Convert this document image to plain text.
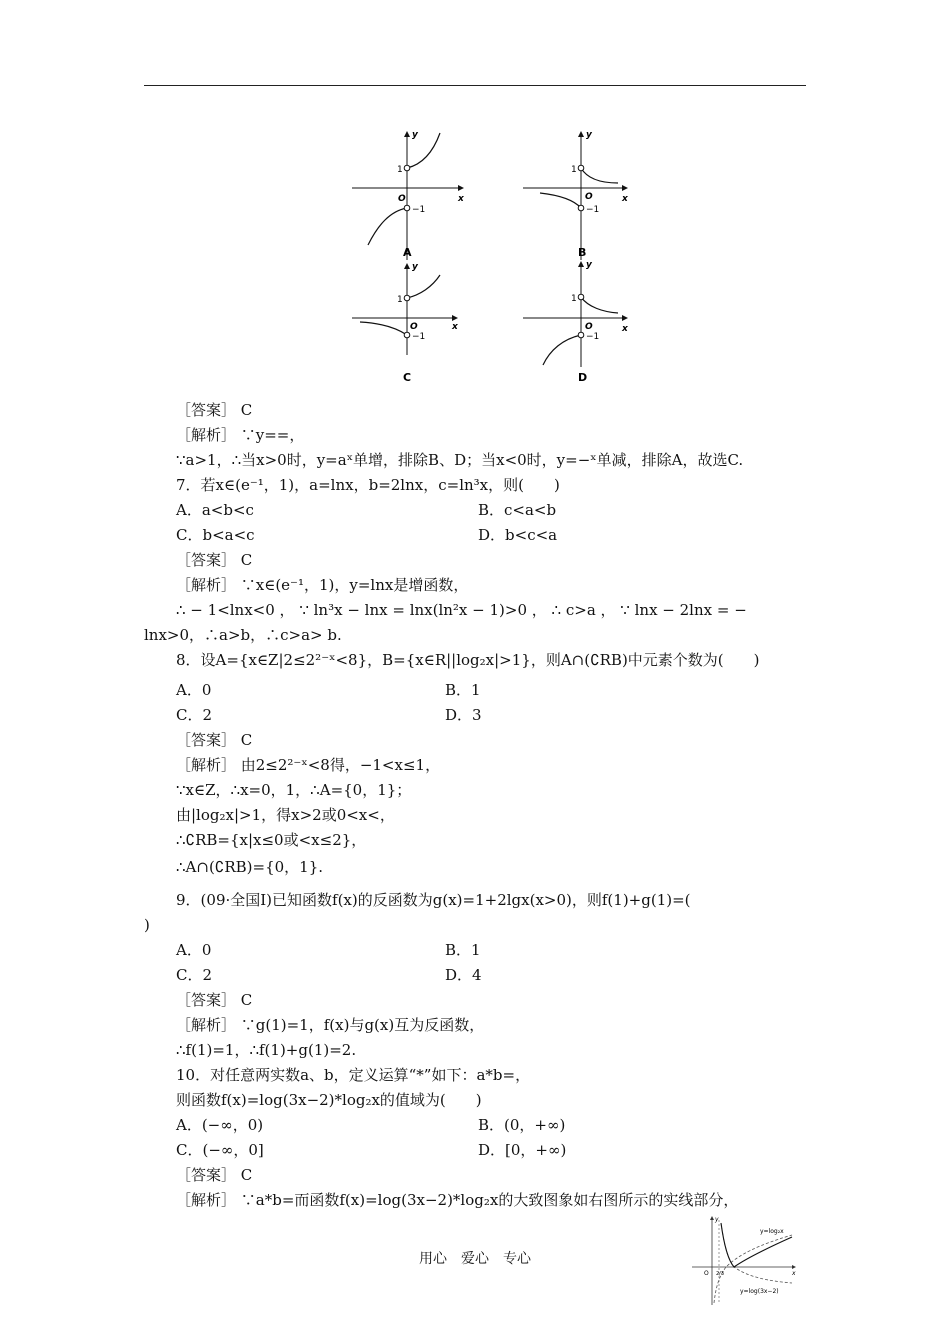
y
x
O
1
−1
A
y
x
O
1
−1
B
y
x
O
1
−1
C
y
x
O
1
−1
D
［答案］ C
［解析］ ∵y==，
∵a>1，∴当x>0时，y=aˣ单增，排除B、D；当x<0时，y=−ˣ单减，排除A，故选C.
7．若x∈(e⁻¹，1)，a=lnx，b=2lnx，c=ln³x，则(　　)
A．a<b<c	B．c<a<b
C．b<a<c	D．b<c<a
［答案］ C
［解析］ ∵x∈(e⁻¹，1)，y=lnx是增函数，
∴ − 1<lnx<0 ， ∵ ln³x − lnx = lnx(ln²x − 1)>0 ， ∴ c>a ， ∵ lnx − 2lnx = −
lnx>0，∴a>b，∴c>a> b.
8．设A={x∈Z|2≤2²⁻ˣ<8}，B={x∈R||log₂x|>1}，则A∩(∁RB)中元素个数为(　　)
A．0	B．1
C．2	D．3
［答案］ C
［解析］ 由2≤2²⁻ˣ<8得，−1<x≤1，
∵x∈Z，∴x=0，1，∴A={0，1}；
由|log₂x|>1，得x>2或0<x<，
∴∁RB={x|x≤0或<x≤2}，
∴A∩(∁RB)={0，1}.
9．(09·全国Ⅰ)已知函数f(x)的反函数为g(x)=1+2lgx(x>0)，则f(1)+g(1)=(
)
A．0	B．1
C．2	D．4
［答案］ C
［解析］ ∵g(1)=1，f(x)与g(x)互为反函数，
∴f(1)=1，∴f(1)+g(1)=2.
10．对任意两实数a、b，定义运算“*”如下：a*b=，
则函数f(x)=log(3x−2)*log₂x的值域为(　　)
A．(−∞，0)	B．(0，+∞)
C．(−∞，0]	D．[0，+∞)
［答案］ C
［解析］ ∵a*b=而函数f(x)=log(3x−2)*log₂x的大致图象如右图所示的实线部分，
y=log₂x
y=log(3x−2)
O	x
y
2/3
用心　爱心　专心
